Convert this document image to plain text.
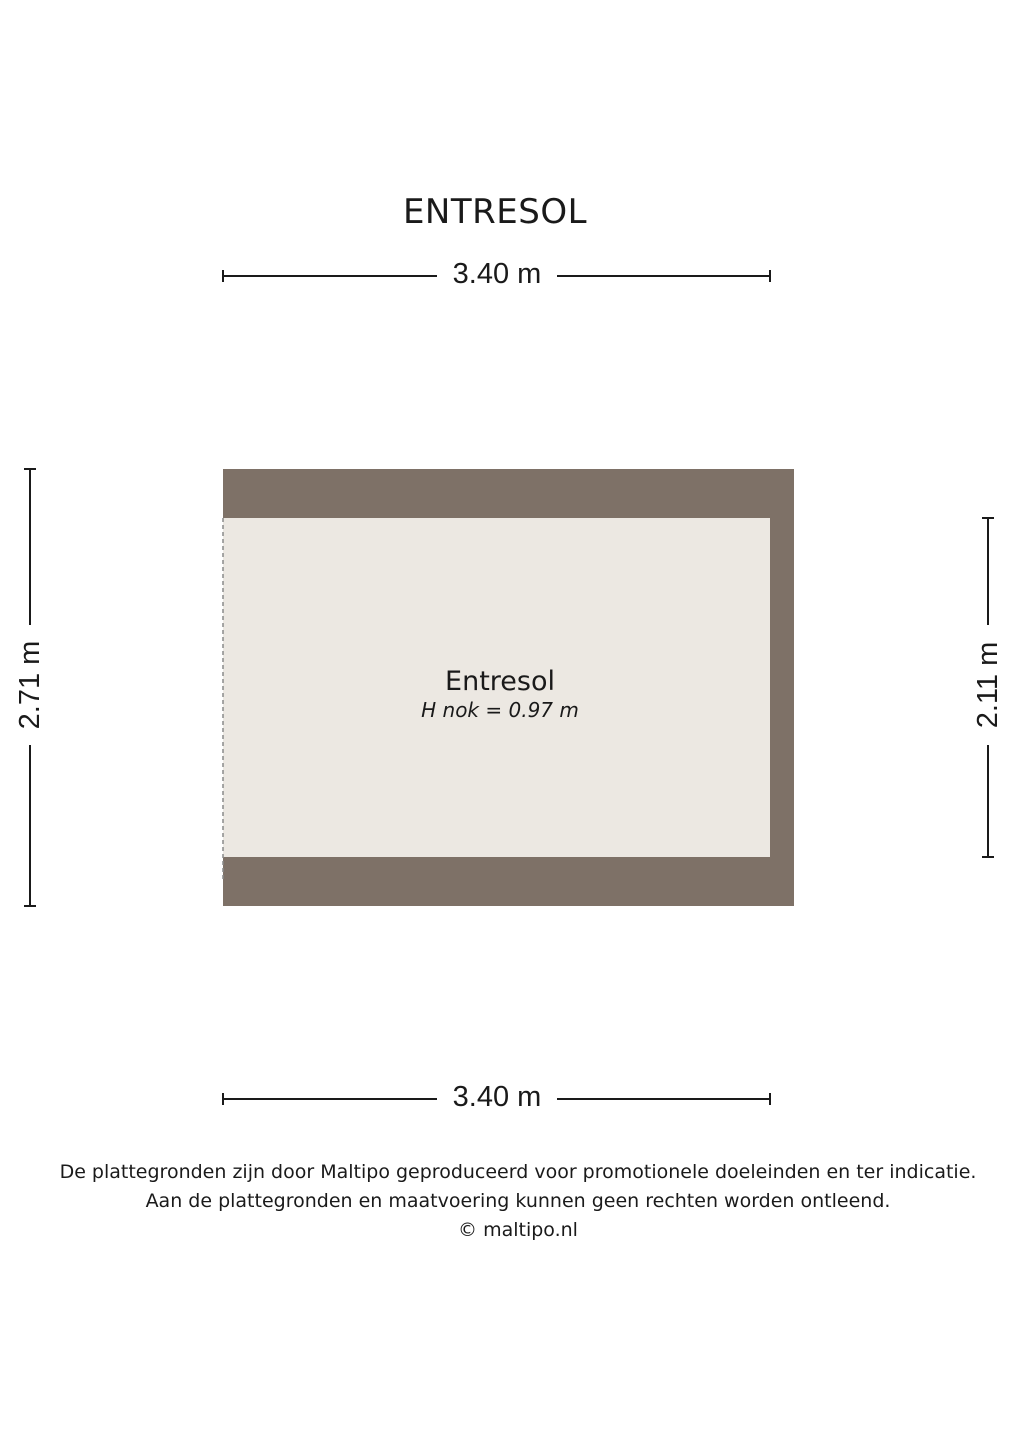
ENTRESOL
3.40 m
3.40 m
2.71 m	2.11 m
Entresol
H nok = 0.97 m
De plattegronden zijn door Maltipo geproduceerd voor promotionele doeleinden en ter indicatie.
Aan de plattegronden en maatvoering kunnen geen rechten worden ontleend.
© maltipo.nl
